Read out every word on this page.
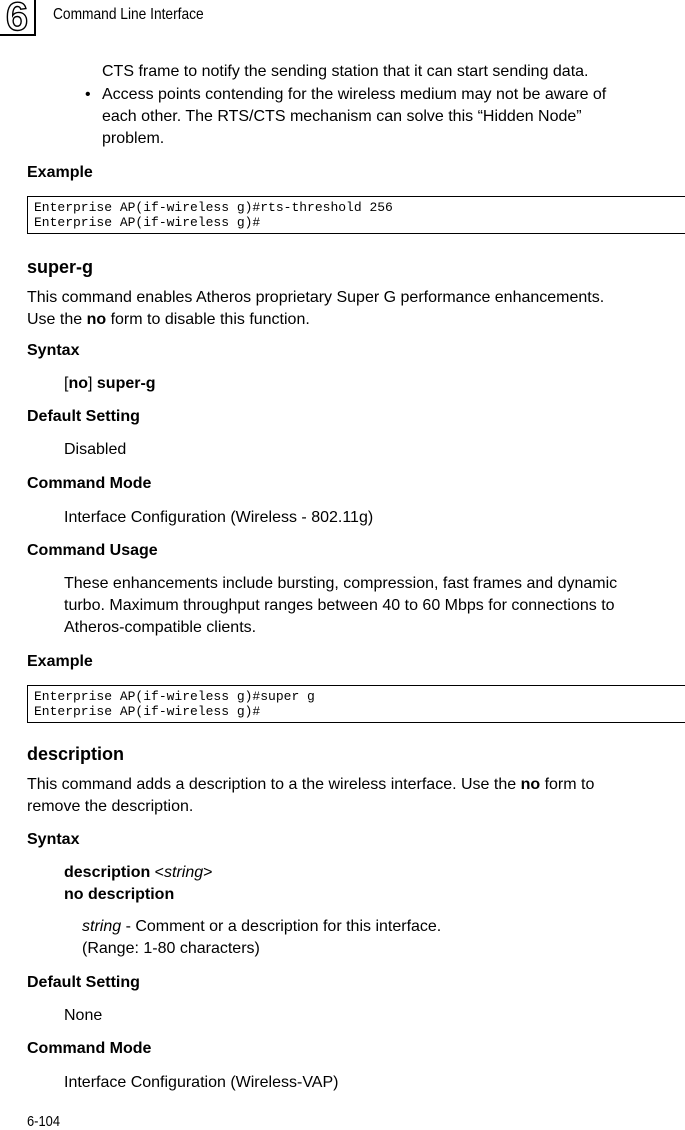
6	Command Line Interface
CTS frame to notify the sending station that it can start sending data.
• Access points contending for the wireless medium may not be aware of
each other. The RTS/CTS mechanism can solve this “Hidden Node”
problem.
Example
Enterprise AP(if-wireless g)#rts-threshold 256
Enterprise AP(if-wireless g)#
super-g
This command enables Atheros proprietary Super G performance enhancements.
Use the no form to disable this function.
Syntax
[no] super-g
Default Setting
Disabled
Command Mode
Interface Configuration (Wireless - 802.11g)
Command Usage
These enhancements include bursting, compression, fast frames and dynamic
turbo. Maximum throughput ranges between 40 to 60 Mbps for connections to
Atheros-compatible clients.
Example
Enterprise AP(if-wireless g)#super g
Enterprise AP(if-wireless g)#
description
This command adds a description to a the wireless interface. Use the no form to
remove the description.
Syntax
description <string>
no description
string - Comment or a description for this interface.
(Range: 1-80 characters)
Default Setting
None
Command Mode
Interface Configuration (Wireless-VAP)
6-104
